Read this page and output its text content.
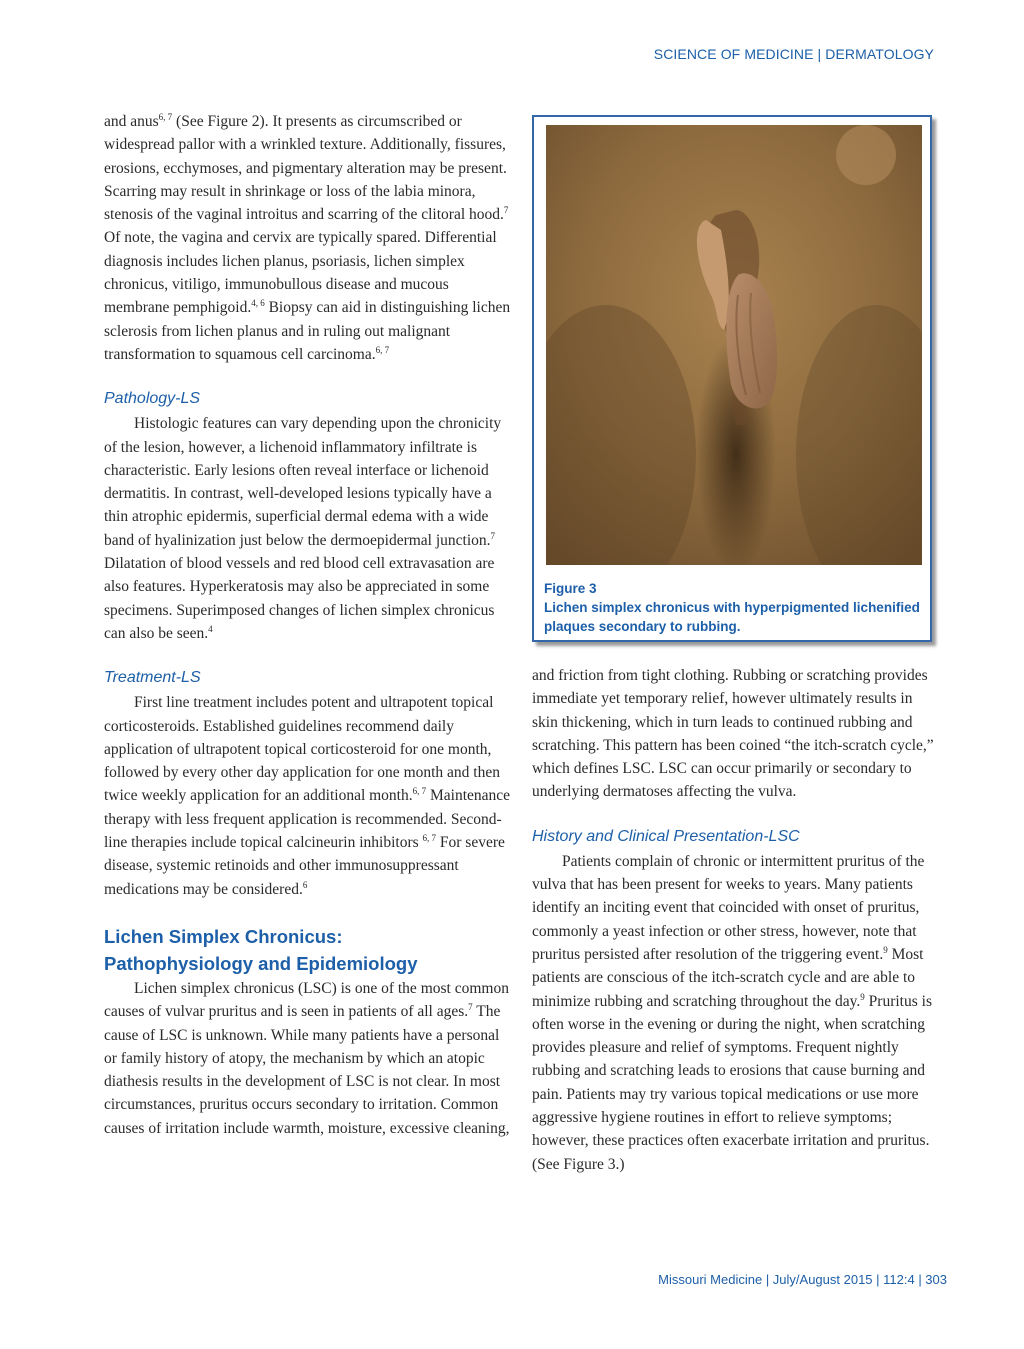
SCIENCE OF MEDICINE | DERMATOLOGY

and anus$^{6, 7}$ (See Figure 2). It presents as circumscribed or widespread pallor with a wrinkled texture. Additionally, fissures, erosions, ecchymoses, and pigmentary alteration may be present. Scarring may result in shrinkage or loss of the labia minora, stenosis of the vaginal introitus and scarring of the clitoral hood.$^7$ Of note, the vagina and cervix are typically spared. Differential diagnosis includes lichen planus, psoriasis, lichen simplex chronicus, vitiligo, immunobullous disease and mucous membrane pemphigoid.$^{4, 6}$ Biopsy can aid in distinguishing lichen sclerosis from lichen planus and in ruling out malignant transformation to squamous cell carcinoma.$^{6, 7}$

Pathology-LS

Histologic features can vary depending upon the chronicity of the lesion, however, a lichenoid inflammatory infiltrate is characteristic. Early lesions often reveal interface or lichenoid dermatitis. In contrast, well-developed lesions typically have a thin atrophic epidermis, superficial dermal edema with a wide band of hyalinization just below the dermoepidermal junction.$^7$ Dilatation of blood vessels and red blood cell extravasation are also features. Hyperkeratosis may also be appreciated in some specimens. Superimposed changes of lichen simplex chronicus can also be seen.$^4$

Treatment-LS

First line treatment includes potent and ultrapotent topical corticosteroids. Established guidelines recommend daily application of ultrapotent topical corticosteroid for one month, followed by every other day application for one month and then twice weekly application for an additional month.$^{6, 7}$ Maintenance therapy with less frequent application is recommended. Second-line therapies include topical calcineurin inhibitors $^{6, 7}$ For severe disease, systemic retinoids and other immunosuppressant medications may be considered.$^6$

Lichen Simplex Chronicus:
Pathophysiology and Epidemiology

Lichen simplex chronicus (LSC) is one of the most common causes of vulvar pruritus and is seen in patients of all ages.$^7$ The cause of LSC is unknown. While many patients have a personal or family history of atopy, the mechanism by which an atopic diathesis results in the development of LSC is not clear. In most circumstances, pruritus occurs secondary to irritation. Common causes of irritation include warmth, moisture, excessive cleaning,

Figure 3
Lichen simplex chronicus with hyperpigmented lichenified plaques secondary to rubbing.

and friction from tight clothing. Rubbing or scratching provides immediate yet temporary relief, however ultimately results in skin thickening, which in turn leads to continued rubbing and scratching. This pattern has been coined “the itch-scratch cycle,” which defines LSC. LSC can occur primarily or secondary to underlying dermatoses affecting the vulva.

History and Clinical Presentation-LSC

Patients complain of chronic or intermittent pruritus of the vulva that has been present for weeks to years. Many patients identify an inciting event that coincided with onset of pruritus, commonly a yeast infection or other stress, however, note that pruritus persisted after resolution of the triggering event.$^9$ Most patients are conscious of the itch-scratch cycle and are able to minimize rubbing and scratching throughout the day.$^9$ Pruritus is often worse in the evening or during the night, when scratching provides pleasure and relief of symptoms. Frequent nightly rubbing and scratching leads to erosions that cause burning and pain. Patients may try various topical medications or use more aggressive hygiene routines in effort to relieve symptoms; however, these practices often exacerbate irritation and pruritus. (See Figure 3.)

Missouri Medicine | July/August 2015 | 112:4 | 303
